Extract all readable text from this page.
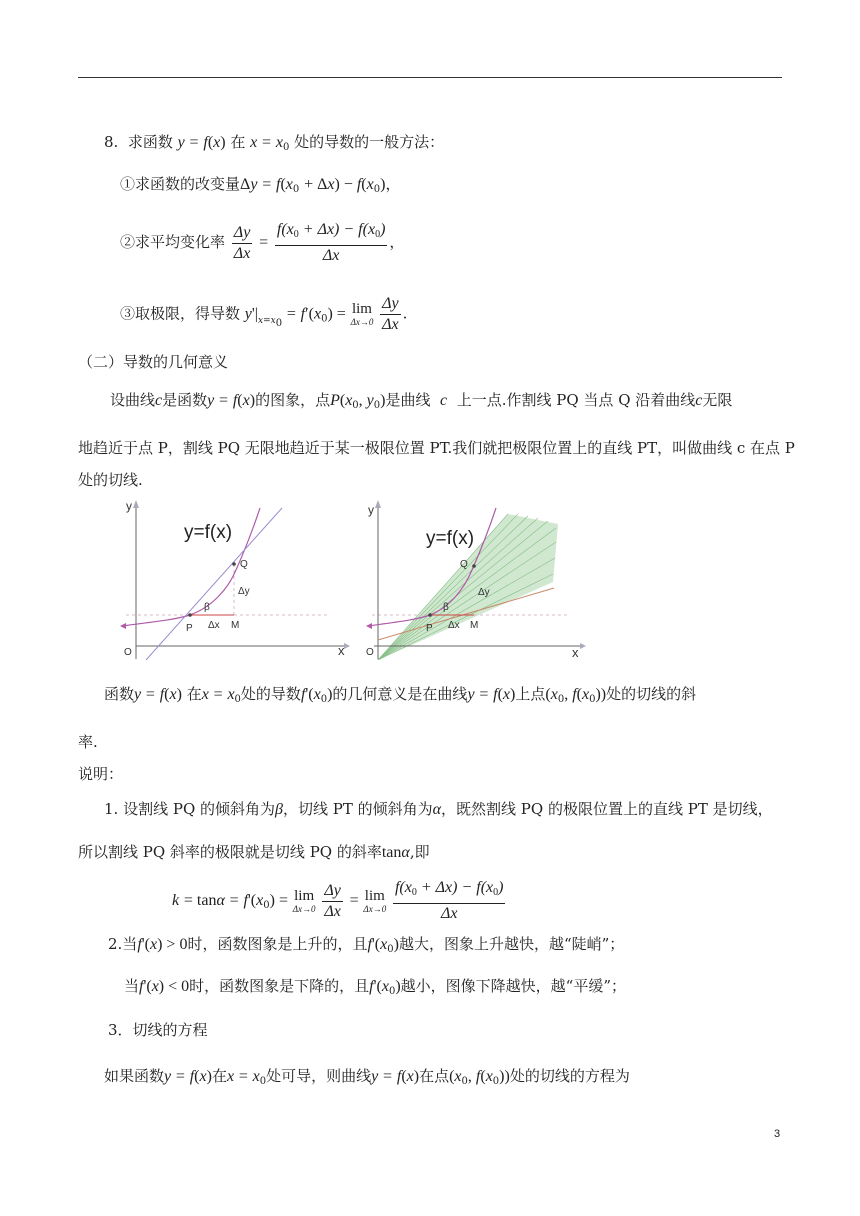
8. 求函数 y = f(x) 在 $x = x_0$ 处的导数的一般方法：
①求函数的改变量$\Delta y = f(x_0 + \Delta x) - f(x_0)$，
②求平均变化率 $\frac{\Delta y}{\Delta x} = \frac{f(x_0 + \Delta x) - f(x_0)}{\Delta x}$ ，
③取极限，得导数 $y'|_{x=x_0} = f'(x_0) = \lim$
Δx→0
$\frac{\Delta y}{\Delta x}$ .
（二）导数的几何意义
设曲线c是函数y = f(x)的图象，点$P(x_0$, $y_0$)是曲线 c 上一点.作割线 PQ 当点 Q 沿着曲线c无限
地趋近于点 P，割线 PQ 无限地趋近于某一极限位置 PT.我们就把极限位置上的直线 PT，叫做曲线 c 在点 P
处的切线.
y
y=f(x)
Q
Δy
β
P Δx M
O	x
y
y=f(x)
Q
Δy
β
P Δx M
O	x
函数y = f(x) 在$x = x_0$处的导数$f'(x_0)$的几何意义是在曲线y = f(x)上点($x_0$, $f(x_0)$)处的切线的斜
率.
说明：
1. 设割线 PQ 的倾斜角为β，切线 PT 的倾斜角为α，既然割线 PQ 的极限位置上的直线 PT 是切线，
所以割线 PQ 斜率的极限就是切线 PQ 的斜率tanα,即
$k = \tan\alpha = f'(x_0) = \lim$
Δx→0
$\frac{\Delta y}{\Delta x} = \lim$
Δx→0
$\frac{f(x_0 + \Delta x) - f(x_0)}{\Delta x}$
2.当f'(x) > 0时，函数图象是上升的，且$f'(x_0)$越大，图象上升越快，越“陡峭”；
当f'(x) < 0时，函数图象是下降的，且$f'(x_0)$越小，图像下降越快，越“平缓”；
3．切线的方程
如果函数y = f(x)在$x = x_0$处可导，则曲线y = f(x)在点($x_0$, $f(x_0)$)处的切线的方程为
3
